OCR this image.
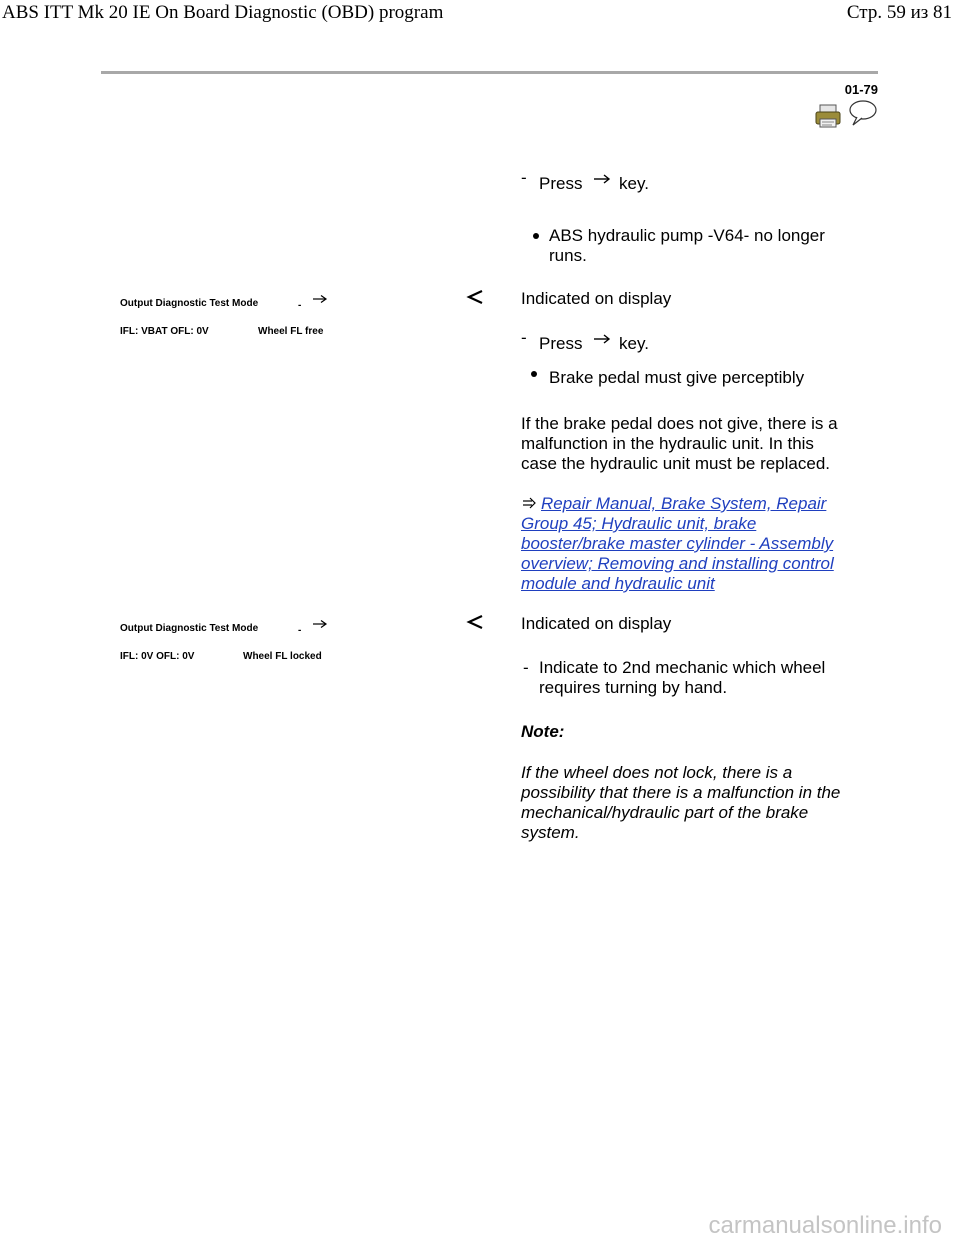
ABS ITT Mk 20 IE On Board Diagnostic (OBD) program	Стр. 59 из 81
01-79
- Press key.
ABS hydraulic pump -V64- no longer
runs.
Output Diagnostic Test Mode	-
IFL: VBAT OFL: 0V	Wheel FL free
Indicated on display
- Press key.
Brake pedal must give perceptibly
If the brake pedal does not give, there is a
malfunction in the hydraulic unit. In this
case the hydraulic unit must be replaced.
Repair Manual, Brake System, Repair
Group 45; Hydraulic unit, brake
booster/brake master cylinder - Assembly
overview; Removing and installing control
module and hydraulic unit
Output Diagnostic Test Mode	-
IFL: 0V OFL: 0V	Wheel FL locked
Indicated on display
- Indicate to 2nd mechanic which wheel
requires turning by hand.
Note:
If the wheel does not lock, there is a
possibility that there is a malfunction in the
mechanical/hydraulic part of the brake
system.
carmanualsonline.info
